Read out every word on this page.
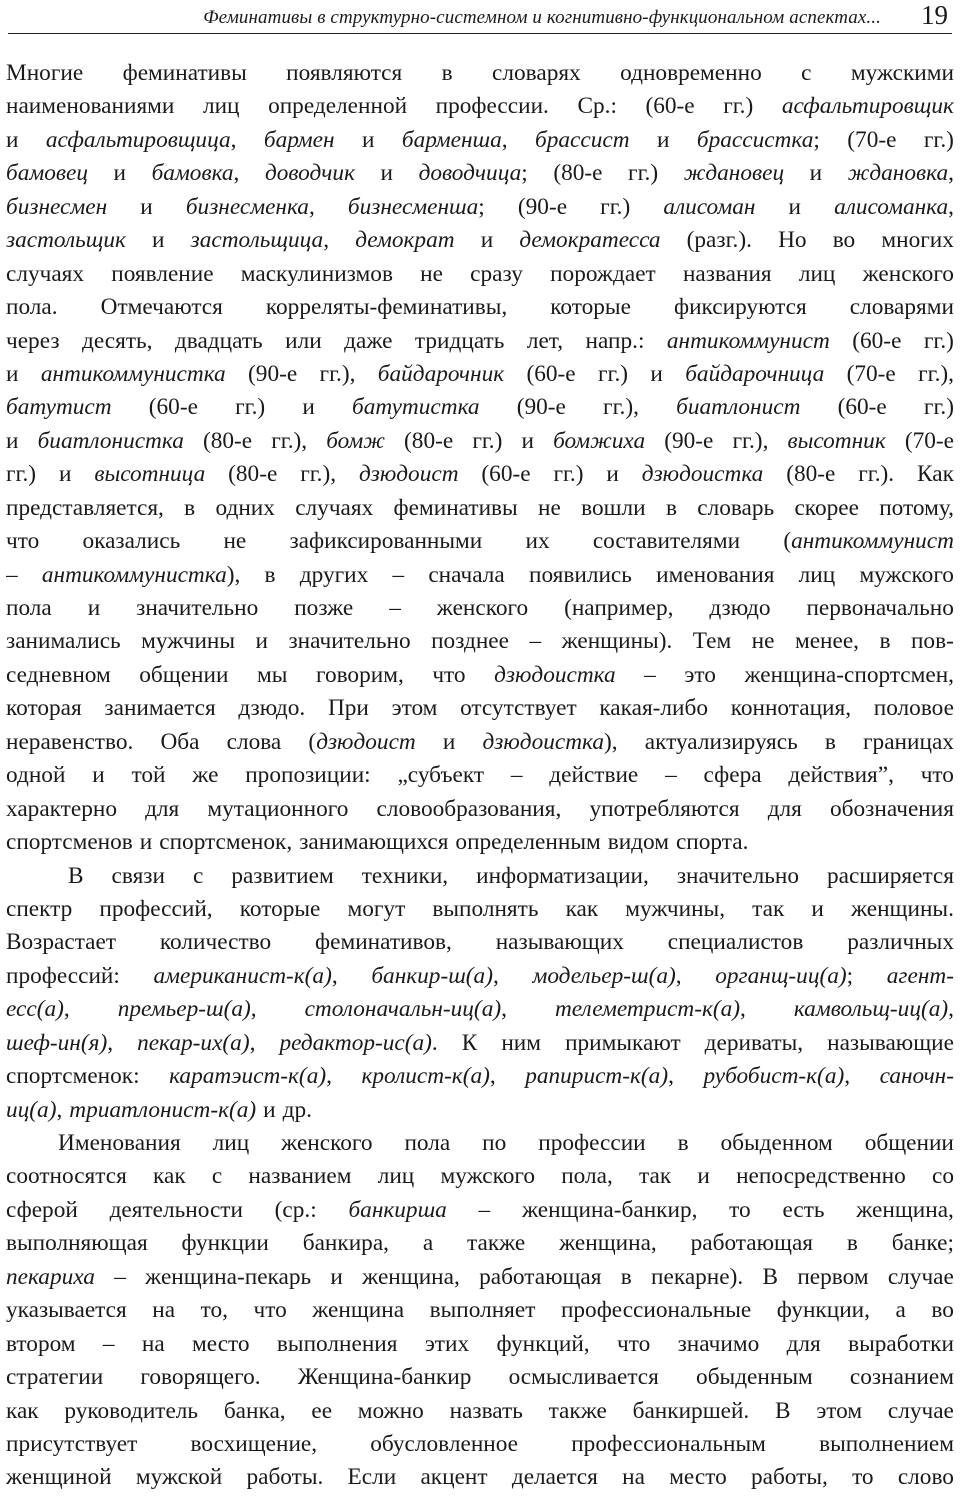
Феминативы в структурно-системном и когнитивно-функциональном аспектах... 19
Многие феминативы появляются в словарях одновременно с мужскими
наименованиями лиц определенной профессии. Ср.: (60-е гг.) асфальтировщик
и асфальтировщица, бармен и барменша, брассист и брассистка; (70-е гг.)
бамовец и бамовка, доводчик и доводчица; (80-е гг.) ждановец и ждановка,
бизнесмен и бизнесменка, бизнесменша; (90-е гг.) алисоман и алисоманка,
застольщик и застольщица, демократ и демократесса (разг.). Но во многих
случаях появление маскулинизмов не сразу порождает названия лиц женского
пола. Отмечаются корреляты-феминативы, которые фиксируются словарями
через десять, двадцать или даже тридцать лет, напр.: антикоммунист (60-е гг.)
и антикоммунистка (90-е гг.), байдарочник (60-е гг.) и байдарочница (70-е гг.),
батутист (60-е гг.) и батутистка (90-е гг.), биатлонист (60-е гг.)
и биатлонистка (80-е гг.), бомж (80-е гг.) и бомжиха (90-е гг.), высотник (70-е
гг.) и высотница (80-е гг.), дзюдоист (60-е гг.) и дзюдоистка (80-е гг.). Как
представляется, в одних случаях феминативы не вошли в словарь скорее потому,
что оказались не зафиксированными их составителями (антикоммунист
– антикоммунистка), в других – сначала появились именования лиц мужского
пола и значительно позже – женского (например, дзюдо первоначально
занимались мужчины и значительно позднее – женщины). Тем не менее, в пов-
седневном общении мы говорим, что дзюдоистка – это женщина-спортсмен,
которая занимается дзюдо. При этом отсутствует какая-либо коннотация, половое
неравенство. Оба слова (дзюдоист и дзюдоистка), актуализируясь в границах
одной и той же пропозиции: „субъект – действие – сфера действия”, что
характерно для мутационного словообразования, употребляются для обозначения
спортсменов и спортсменок, занимающихся определенным видом спорта.
В связи с развитием техники, информатизации, значительно расширяется
спектр профессий, которые могут выполнять как мужчины, так и женщины.
Возрастает количество феминативов, называющих специалистов различных
профессий: американист-к(а), банкир-ш(а), модельер-ш(а), органщ-иц(а); агент-
есс(а), премьер-ш(а), столоначальн-иц(а), телеметрист-к(а), камвольщ-иц(а),
шеф-ин(я), пекар-их(а), редактор-ис(а). К ним примыкают дериваты, называющие
спортсменок: каратэист-к(а), кролист-к(а), рапирист-к(а), рубобист-к(а), саночн-
иц(а), триатлонист-к(а) и др.
Именования лиц женского пола по профессии в обыденном общении
соотносятся как с названием лиц мужского пола, так и непосредственно со
сферой деятельности (ср.: банкирша – женщина-банкир, то есть женщина,
выполняющая функции банкира, а также женщина, работающая в банке;
пекариха – женщина-пекарь и женщина, работающая в пекарне). В первом случае
указывается на то, что женщина выполняет профессиональные функции, а во
втором – на место выполнения этих функций, что значимо для выработки
стратегии говорящего. Женщина-банкир осмысливается обыденным сознанием
как руководитель банка, ее можно назвать также банкиршей. В этом случае
присутствует восхищение, обусловленное профессиональным выполнением
женщиной мужской работы. Если акцент делается на место работы, то слово
